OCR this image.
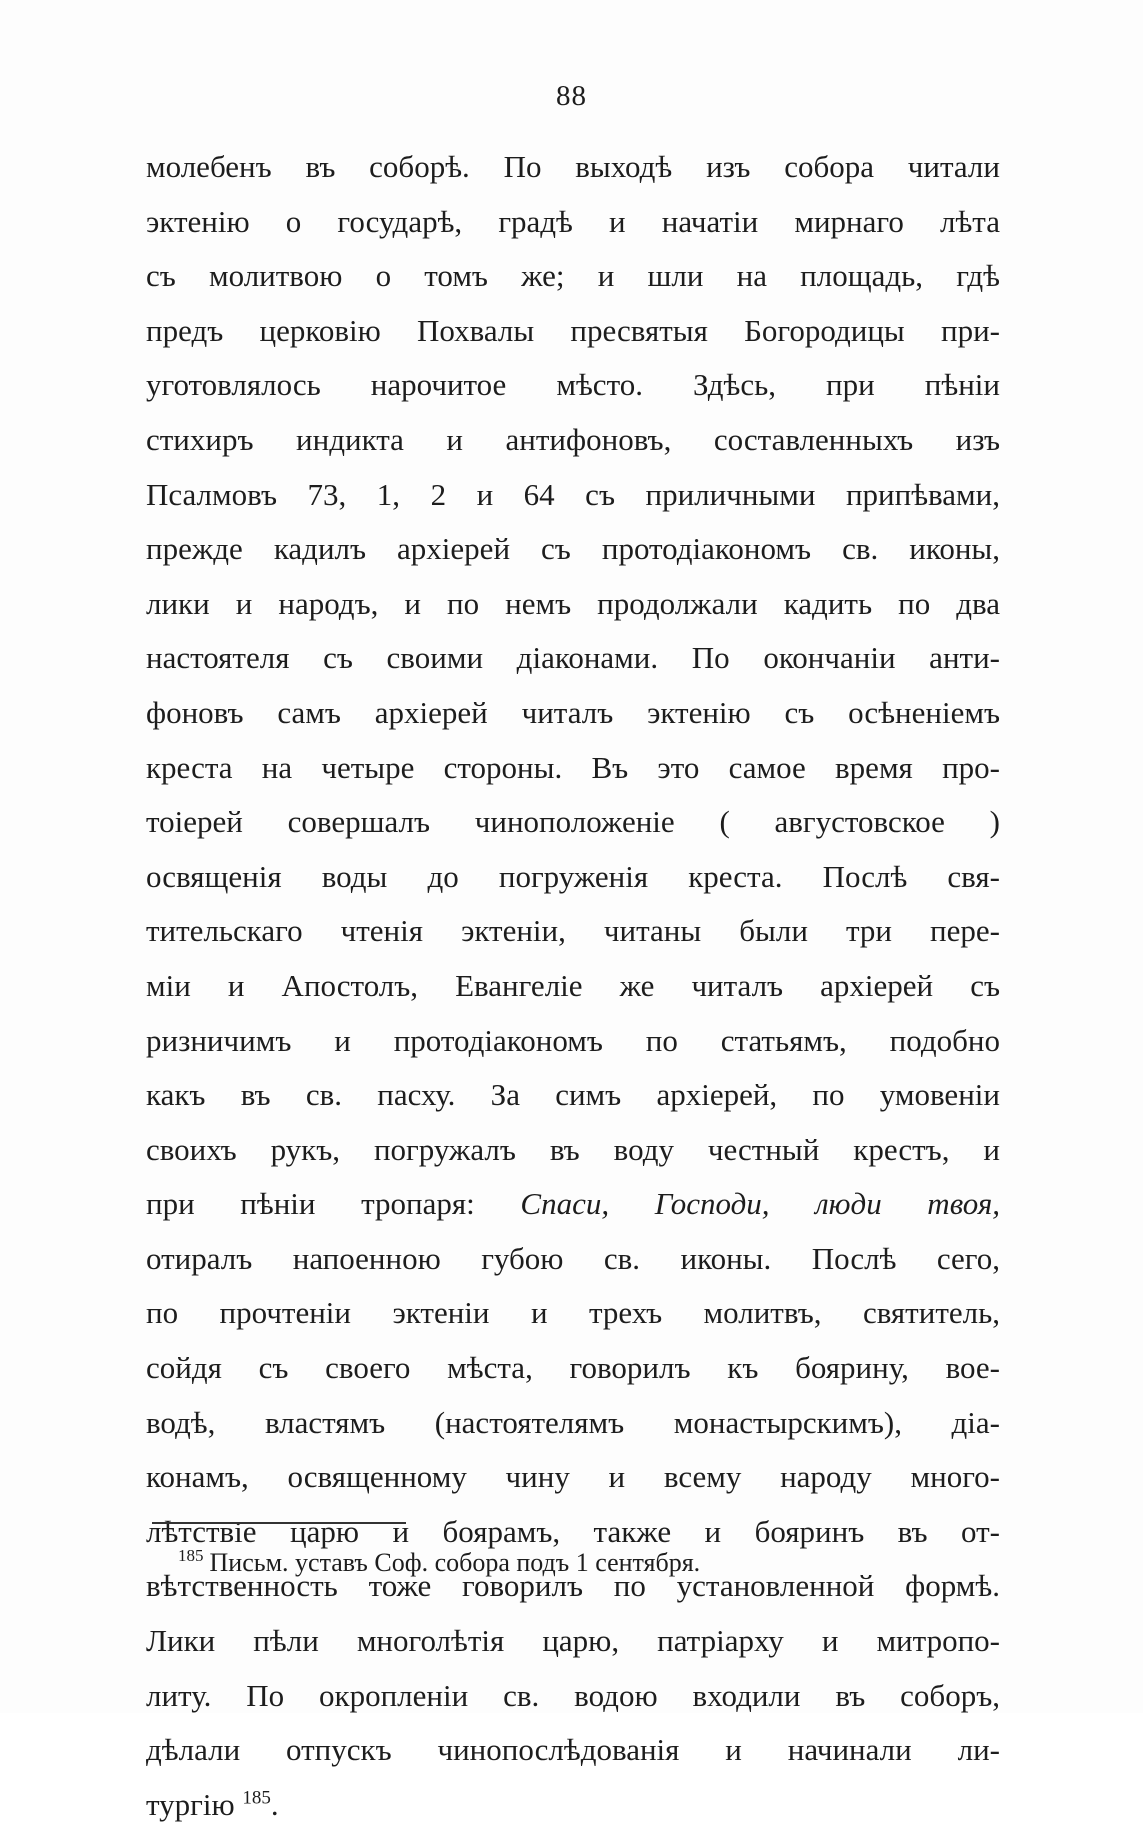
88
молебенъ въ соборѣ. По выходѣ изъ собора читали
эктенію о государѣ, градѣ и начатіи мирнаго лѣта
съ молитвою о томъ же; и шли на площадь, гдѣ
предъ церковію Похвалы пресвятыя Богородицы при-
уготовлялось нарочитое мѣсто. Здѣсь, при пѣніи
стихиръ индикта и антифоновъ, составленныхъ изъ
Псалмовъ 73, 1, 2 и 64 съ приличными припѣвами,
прежде кадилъ архіерей съ протодіакономъ св. иконы,
лики и народъ, и по немъ продолжали кадить по два
настоятеля съ своими діаконами. По окончаніи анти-
фоновъ самъ архіерей читалъ эктенію съ осѣненіемъ
креста на четыре стороны. Въ это самое время про-
тоіерей совершалъ чиноположеніе ( августовское )
освященія воды до погруженія креста. Послѣ свя-
тительскаго чтенія эктеніи, читаны были три пере-
міи и Апостолъ, Евангеліе же читалъ архіерей съ
ризничимъ и протодіакономъ по статьямъ, подобно
какъ въ св. пасху. За симъ архіерей, по умовеніи
своихъ рукъ, погружалъ въ воду честный крестъ, и
при пѣніи тропаря: Спаси, Господи, люди твоя,
отиралъ напоенною губою св. иконы. Послѣ сего,
по прочтеніи эктеніи и трехъ молитвъ, святитель,
сойдя съ своего мѣста, говорилъ къ боярину, вое-
водѣ, властямъ (настоятелямъ монастырскимъ), діа-
конамъ, освященному чину и всему народу много-
лѣтствіе царю и боярамъ, также и бояринъ въ от-
вѣтственность тоже говорилъ по установленной формѣ.
Лики пѣли многолѣтія царю, патріарху и митропо-
литу. По окропленіи св. водою входили въ соборъ,
дѣлали отпускъ чинопослѣдованія и начинали ли-
тургію $^{185}$.
$^{185}$ Письм. уставъ Соф. собора подъ 1 сентября.
